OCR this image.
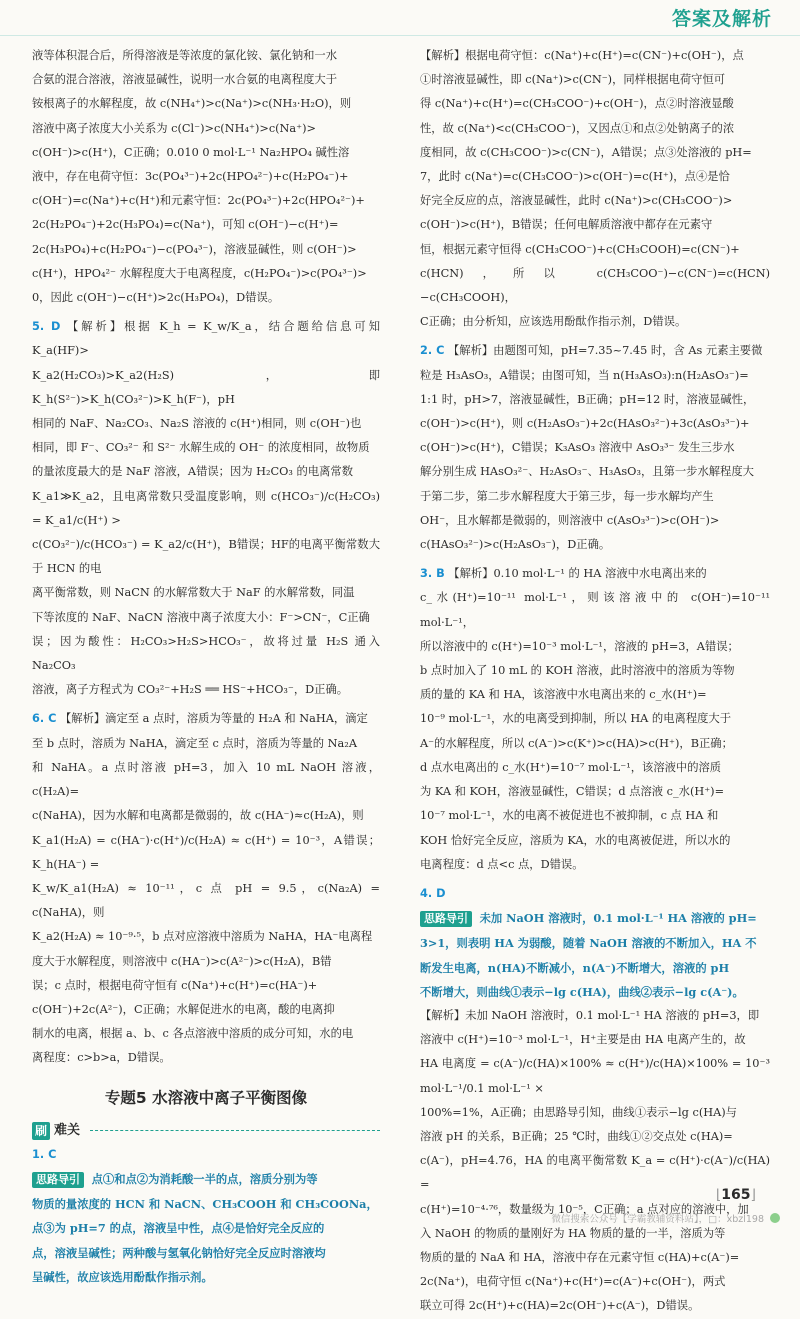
答案及解析

液等体积混合后，所得溶液是等浓度的氯化铵、氯化钠和一水

合氨的混合溶液，溶液显碱性，说明一水合氨的电离程度大于

铵根离子的水解程度，故 c(NH₄⁺)>c(Na⁺)>c(NH₃·H₂O)，则

溶液中离子浓度大小关系为 c(Cl⁻)>c(NH₄⁺)>c(Na⁺)>

c(OH⁻)>c(H⁺)，C正确；0.010 0 mol·L⁻¹ Na₂HPO₄ 碱性溶

液中，存在电荷守恒：3c(PO₄³⁻)+2c(HPO₄²⁻)+c(H₂PO₄⁻)+

c(OH⁻)=c(Na⁺)+c(H⁺)和元素守恒：2c(PO₄³⁻)+2c(HPO₄²⁻)+

2c(H₂PO₄⁻)+2c(H₃PO₄)=c(Na⁺)，可知 c(OH⁻)−c(H⁺)=

2c(H₃PO₄)+c(H₂PO₄⁻)−c(PO₄³⁻)，溶液显碱性，则 c(OH⁻)>

c(H⁺)，HPO₄²⁻ 水解程度大于电离程度，c(H₂PO₄⁻)>c(PO₄³⁻)>

0，因此 c(OH⁻)−c(H⁺)>2c(H₃PO₄)，D错误。

5. D 【解析】根据 K_h = K_w/K_a，结合题给信息可知 K_a(HF)>

K_a2(H₂CO₃)>K_a2(H₂S)，即 K_h(S²⁻)>K_h(CO₃²⁻)>K_h(F⁻)，pH

相同的 NaF、Na₂CO₃、Na₂S 溶液的 c(H⁺)相同，则 c(OH⁻)也

相同，即 F⁻、CO₃²⁻ 和 S²⁻ 水解生成的 OH⁻ 的浓度相同，故物质

的量浓度最大的是 NaF 溶液，A错误；因为 H₂CO₃ 的电离常数

K_a1≫K_a2，且电离常数只受温度影响，则 c(HCO₃⁻)/c(H₂CO₃) = K_a1/c(H⁺) >

c(CO₃²⁻)/c(HCO₃⁻) = K_a2/c(H⁺)，B错误；HF的电离平衡常数大于 HCN 的电

离平衡常数，则 NaCN 的水解常数大于 NaF 的水解常数，同温

下等浓度的 NaF、NaCN 溶液中离子浓度大小：F⁻>CN⁻，C正确

误；因为酸性：H₂CO₃>H₂S>HCO₃⁻，故将过量 H₂S 通入 Na₂CO₃

溶液，离子方程式为 CO₃²⁻+H₂S ══ HS⁻+HCO₃⁻，D正确。

6. C 【解析】滴定至 a 点时，溶质为等量的 H₂A 和 NaHA，滴定

至 b 点时，溶质为 NaHA，滴定至 c 点时，溶质为等量的 Na₂A

和 NaHA。a 点时溶液 pH=3，加入 10 mL NaOH 溶液，c(H₂A)=

c(NaHA)，因为水解和电离都是微弱的，故 c(HA⁻)≈c(H₂A)，则

K_a1(H₂A) = c(HA⁻)·c(H⁺)/c(H₂A) ≈ c(H⁺) = 10⁻³，A错误；K_h(HA⁻) =

K_w/K_a1(H₂A) ≈ 10⁻¹¹，c 点 pH = 9.5，c(Na₂A) = c(NaHA)，则

K_a2(H₂A) ≈ 10⁻⁹·⁵，b 点对应溶液中溶质为 NaHA，HA⁻电离程

度大于水解程度，则溶液中 c(HA⁻)>c(A²⁻)>c(H₂A)，B错

误；c 点时，根据电荷守恒有 c(Na⁺)+c(H⁺)=c(HA⁻)+

c(OH⁻)+2c(A²⁻)，C正确；水解促进水的电离，酸的电离抑

制水的电离，根据 a、b、c 各点溶液中溶质的成分可知，水的电

离程度：c>b>a，D错误。

专题5 水溶液中离子平衡图像
刷 难关

1. C

思路导引 点①和点②为消耗酸一半的点，溶质分别为等

物质的量浓度的 HCN 和 NaCN、CH₃COOH 和 CH₃COONa，

点③为 pH=7 的点，溶液呈中性，点④是恰好完全反应的

点，溶液呈碱性；两种酸与氢氧化钠恰好完全反应时溶液均

呈碱性，故应该选用酚酞作指示剂。

【解析】根据电荷守恒：c(Na⁺)+c(H⁺)=c(CN⁻)+c(OH⁻)，点

①时溶液显碱性，即 c(Na⁺)>c(CN⁻)，同样根据电荷守恒可

得 c(Na⁺)+c(H⁺)=c(CH₃COO⁻)+c(OH⁻)，点②时溶液显酸

性，故 c(Na⁺)<c(CH₃COO⁻)，又因点①和点②处钠离子的浓

度相同，故 c(CH₃COO⁻)>c(CN⁻)，A错误；点③处溶液的 pH=

7，此时 c(Na⁺)=c(CH₃COO⁻)>c(OH⁻)=c(H⁺)，点④是恰

好完全反应的点，溶液显碱性，此时 c(Na⁺)>c(CH₃COO⁻)>

c(OH⁻)>c(H⁺)，B错误；任何电解质溶液中都存在元素守

恒，根据元素守恒得 c(CH₃COO⁻)+c(CH₃COOH)=c(CN⁻)+

c(HCN)，所以 c(CH₃COO⁻)−c(CN⁻)=c(HCN)−c(CH₃COOH)，

C正确；由分析知，应该选用酚酞作指示剂，D错误。

2. C 【解析】由题图可知，pH=7.35~7.45 时，含 As 元素主要微

粒是 H₃AsO₃，A错误；由图可知，当 n(H₃AsO₃):n(H₂AsO₃⁻)=

1:1 时，pH>7，溶液显碱性，B正确；pH=12 时，溶液显碱性，

c(OH⁻)>c(H⁺)，则 c(H₂AsO₃⁻)+2c(HAsO₃²⁻)+3c(AsO₃³⁻)+

c(OH⁻)>c(H⁺)，C错误；K₃AsO₃ 溶液中 AsO₃³⁻ 发生三步水

解分别生成 HAsO₃²⁻、H₂AsO₃⁻、H₃AsO₃，且第一步水解程度大

于第二步，第二步水解程度大于第三步，每一步水解均产生

OH⁻，且水解都是微弱的，则溶液中 c(AsO₃³⁻)>c(OH⁻)>

c(HAsO₃²⁻)>c(H₂AsO₃⁻)，D正确。

3. B 【解析】0.10 mol·L⁻¹ 的 HA 溶液中水电离出来的

c_水(H⁺)=10⁻¹¹ mol·L⁻¹，则该溶液中的 c(OH⁻)=10⁻¹¹ mol·L⁻¹，

所以溶液中的 c(H⁺)=10⁻³ mol·L⁻¹，溶液的 pH=3，A错误；

b 点时加入了 10 mL 的 KOH 溶液，此时溶液中的溶质为等物

质的量的 KA 和 HA，该溶液中水电离出来的 c_水(H⁺)=

10⁻⁹ mol·L⁻¹，水的电离受到抑制，所以 HA 的电离程度大于

A⁻的水解程度，所以 c(A⁻)>c(K⁺)>c(HA)>c(H⁺)，B正确；

d 点水电离出的 c_水(H⁺)=10⁻⁷ mol·L⁻¹，该溶液中的溶质

为 KA 和 KOH，溶液显碱性，C错误；d 点溶液 c_水(H⁺)=

10⁻⁷ mol·L⁻¹，水的电离不被促进也不被抑制，c 点 HA 和

KOH 恰好完全反应，溶质为 KA，水的电离被促进，所以水的

电离程度：d 点<c 点，D错误。

4. D

思路导引 未加 NaOH 溶液时，0.1 mol·L⁻¹ HA 溶液的 pH=

3>1，则表明 HA 为弱酸，随着 NaOH 溶液的不断加入，HA 不

断发生电离，n(HA)不断减小，n(A⁻)不断增大，溶液的 pH

不断增大，则曲线①表示−lg c(HA)，曲线②表示−lg c(A⁻)。

【解析】未加 NaOH 溶液时，0.1 mol·L⁻¹ HA 溶液的 pH=3，即

溶液中 c(H⁺)=10⁻³ mol·L⁻¹，H⁺主要是由 HA 电离产生的，故

HA 电离度 = c(A⁻)/c(HA)×100% ≈ c(H⁺)/c(HA)×100% = 10⁻³ mol·L⁻¹/0.1 mol·L⁻¹ ×

100%=1%，A正确；由思路导引知，曲线①表示−lg c(HA)与

溶液 pH 的关系，B正确；25 ℃时，曲线①②交点处 c(HA)=

c(A⁻)，pH=4.76，HA 的电离平衡常数 K_a = c(H⁺)·c(A⁻)/c(HA) =

c(H⁺)=10⁻⁴·⁷⁶，数量级为 10⁻⁵，C正确；a 点对应的溶液中，加

入 NaOH 的物质的量刚好为 HA 物质的量的一半，溶质为等

物质的量的 NaA 和 HA，溶液中存在元素守恒 c(HA)+c(A⁻)=

2c(Na⁺)，电荷守恒 c(Na⁺)+c(H⁺)=c(A⁻)+c(OH⁻)，两式

联立可得 2c(H⁺)+c(HA)=2c(OH⁻)+c(A⁻)，D错误。

⌊165⌋
微信搜索公众号【学霸教辅资料站】，□：xbzl198
